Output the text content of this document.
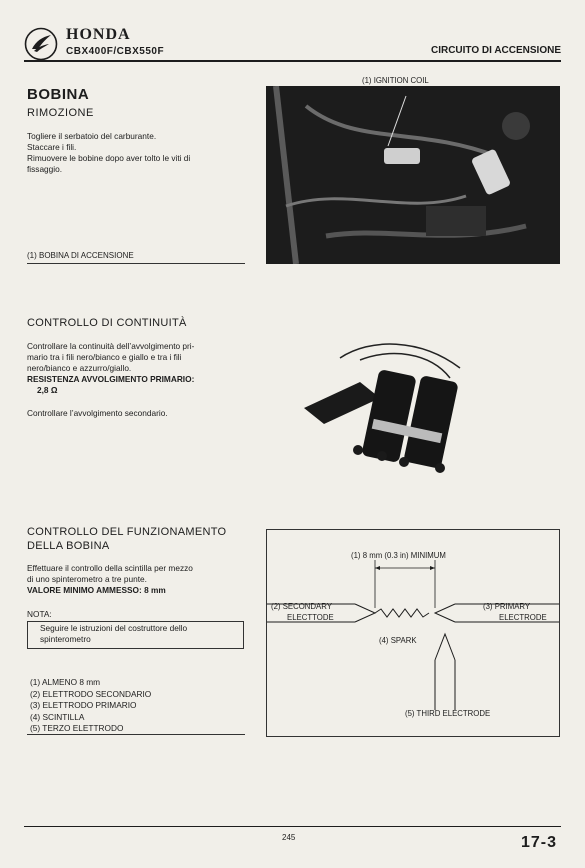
HONDA
CBX400F/CBX550F	CIRCUITO DI ACCENSIONE
BOBINA
RIMOZIONE
Togliere il serbatoio del carburante.
Staccare i fili.
Rimuovere le bobine dopo aver tolto le viti di
fissaggio.
(1) BOBINA DI ACCENSIONE
(1) IGNITION COIL
CONTROLLO DI CONTINUITÀ
Controllare la continuità dell’avvolgimento pri-
mario tra i fili nero/bianco e giallo e tra i fili
nero/bianco e azzurro/giallo.
RESISTENZA AVVOLGIMENTO PRIMARIO:
2,8 Ω
Controllare l’avvolgimento secondario.
CONTROLLO DEL FUNZIONAMENTO
DELLA BOBINA
Effettuare il controllo della scintilla per mezzo
di uno spinterometro a tre punte.
VALORE MINIMO AMMESSO: 8 mm
NOTA:
Seguire le istruzioni del costruttore dello
spinterometro
(1) ALMENO 8 mm
(2) ELETTRODO SECONDARIO
(3) ELETTRODO PRIMARIO
(4) SCINTILLA
(5) TERZO ELETTRODO
(1) 8 mm (0.3 in) MINIMUM
(2) SECONDARY
ELECTTODE
(3) PRIMARY
ELECTRODE
(4) SPARK
(5) THIRD ELECTRODE
245	17-3
